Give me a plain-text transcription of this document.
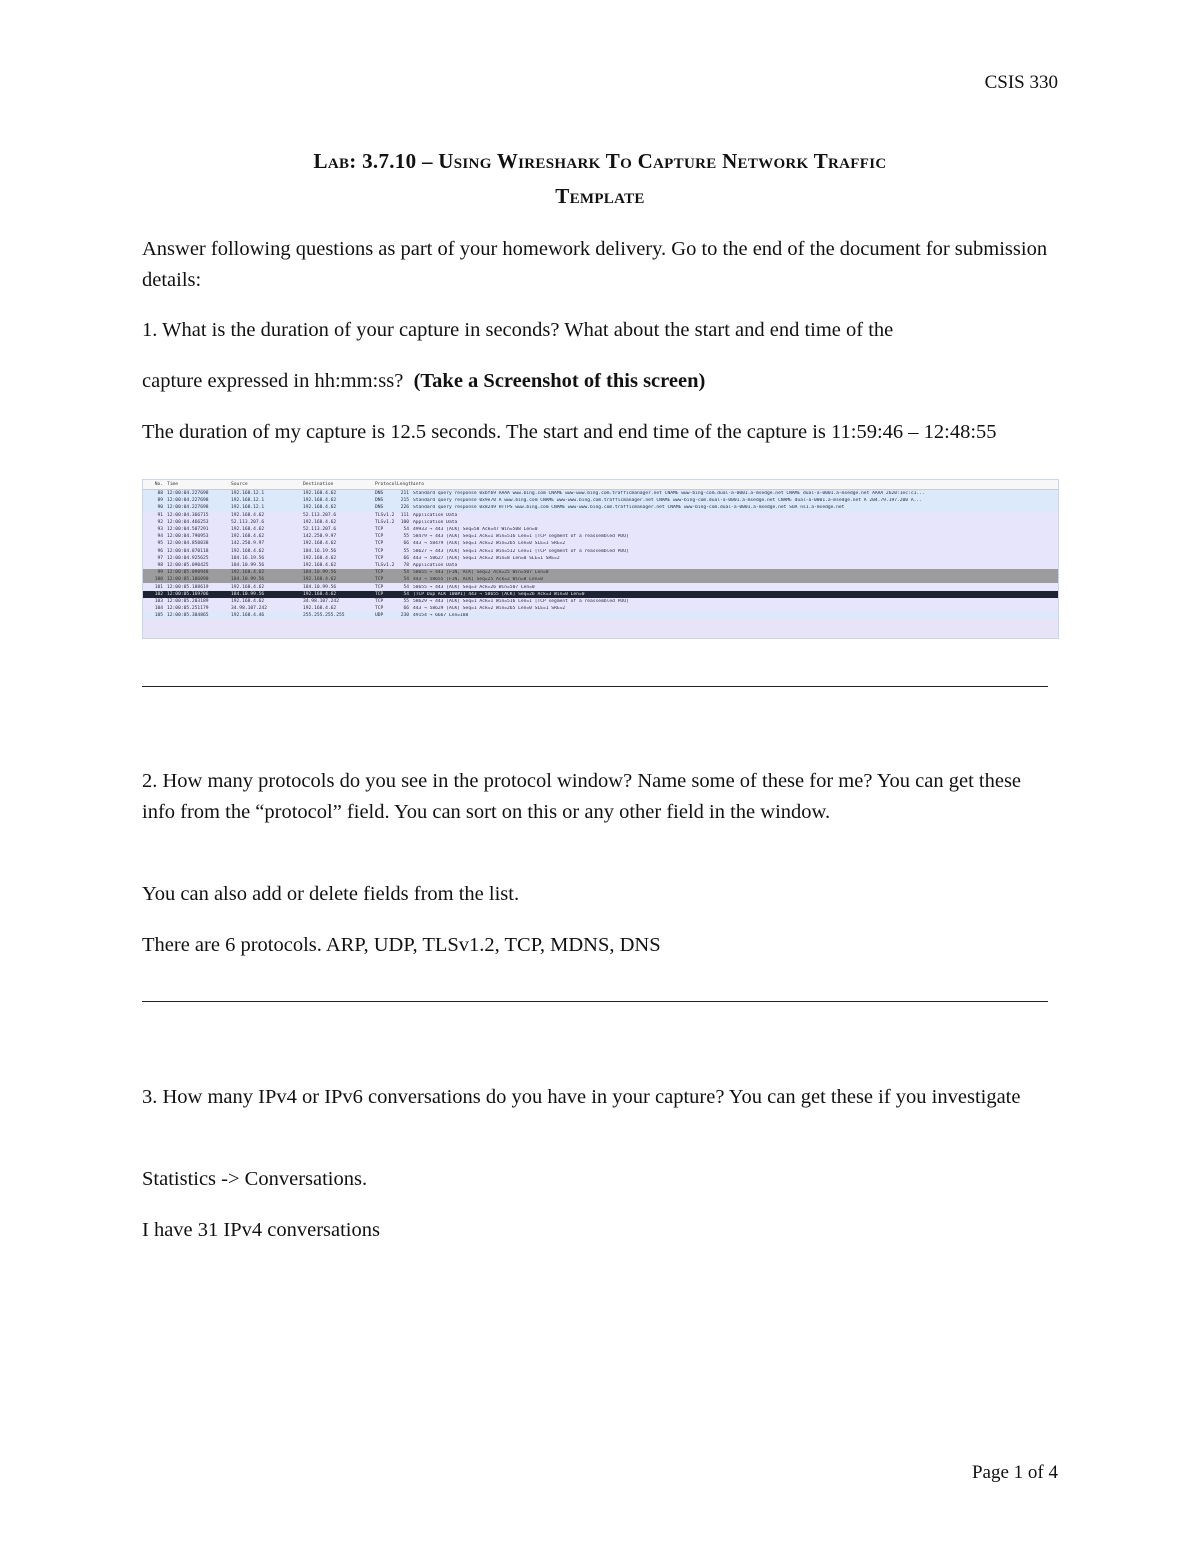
CSIS 330
LAB: 3.7.10 – USING WIRESHARK TO CAPTURE NETWORK TRAFFIC
TEMPLATE

Answer following questions as part of your homework delivery. Go to the end of the document for submission details:

1. What is the duration of your capture in seconds? What about the start and end time of the

capture expressed in hh:mm:ss?  (Take a Screenshot of this screen)

The duration of my capture is 12.5 seconds. The start and end time of the capture is 11:59:46 – 12:48:55

No. Time	Source	Destination	Protocol Length Info
88 12:00:04.227698	192.168.12.1	192.168.4.62	DNS	211 Standard query response 0xbfb9 AAAA www.bing.com CNAME www-www.bing.com.trafficmanager.net CNAME www-bing-com.dual-a-0001.a-msedge.net CNAME dual-a-0001.a-msedge.net AAAA 2620:1ec:c1...
89 12:00:04.227698	192.168.12.1	192.168.4.62	DNS	215 Standard query response 0x9e70 A www.bing.com CNAME www-www.bing.com.trafficmanager.net CNAME www-bing-com.dual-a-0001.a-msedge.net CNAME dual-a-0001.a-msedge.net A 204.79.197.200 A...
90 12:00:04.227698	192.168.12.1	192.168.4.62	DNS	226 Standard query response 0x8249 HTTPS www.bing.com CNAME www-www.bing.com.trafficmanager.net CNAME www-bing-com.dual-a-0001.a-msedge.net SOA ns1.a-msedge.net
91 12:00:04.366715	192.168.4.62	52.113.207.6	TLSv1.2	111 Application Data
92 12:00:04.466253	52.113.207.6	192.168.4.62	TLSv1.2	100 Application Data
93 12:00:04.507291	192.168.4.62	52.113.207.6	TCP	54 49933 → 443 [ACK] Seq=58 Ack=47 Win=508 Len=0
94 12:00:04.790953	192.168.4.62	142.250.9.97	TCP	55 58479 → 443 [ACK] Seq=1 Ack=1 Win=516 Len=1 [TCP segment of a reassembled PDU]
95 12:00:04.850038	142.250.9.97	192.168.4.62	TCP	66 443 → 58479 [ACK] Seq=1 Ack=2 Win=265 Len=0 SLE=1 SRE=2
96 12:00:04.870118	192.168.4.62	184.16.19.56	TCP	55 58627 → 443 [ACK] Seq=1 Ack=1 Win=512 Len=1 [TCP segment of a reassembled PDU]
97 12:00:04.925625	184.16.19.56	192.168.4.62	TCP	66 443 → 58627 [ACK] Seq=1 Ack=2 Win=8 Len=0 SLE=1 SRE=2
98 12:00:05.090425	184.10.99.56	192.168.4.62	TLSv1.2	78 Application Data
99 12:00:05.098948	192.168.4.62	184.10.99.56	TCP	54 58655 → 443 [FIN, ACK] Seq=2 Ack=25 Win=507 Len=0
100 12:00:05.186090	184.10.99.56	192.168.4.62	TCP	54 443 → 58655 [FIN, ACK] Seq=25 Ack=2 Win=0 Len=0
101 12:00:05.188619	192.168.4.62	184.10.99.56	TCP	54 58655 → 443 [ACK] Seq=3 Ack=26 Win=507 Len=0
102 12:00:05.169706	184.10.99.56	192.168.4.62	TCP	54 [TCP Dup ACK 100#1] 443 → 58655 [ACK] Seq=26 Ack=3 Win=0 Len=0
103 12:00:05.203189	192.168.4.62	34.98.107.242	TCP	55 58629 → 443 [ACK] Seq=1 Ack=1 Win=516 Len=1 [TCP segment of a reassembled PDU]
104 12:00:05.251179	34.98.107.242	192.168.4.62	TCP	66 443 → 58629 [ACK] Seq=1 Ack=2 Win=265 Len=0 SLE=1 SRE=2
105 12:00:05.304865	192.168.4.46	255.255.255.255	UDP	230 49154 → 6667 Len=188

2. How many protocols do you see in the protocol window? Name some of these for me? You can get these info from the “protocol” field. You can sort on this or any other field in the window.

You can also add or delete fields from the list.

There are 6 protocols. ARP, UDP, TLSv1.2, TCP, MDNS, DNS

3. How many IPv4 or IPv6 conversations do you have in your capture? You can get these if you investigate

Statistics -> Conversations.

I have 31 IPv4 conversations

Page 1 of 4
